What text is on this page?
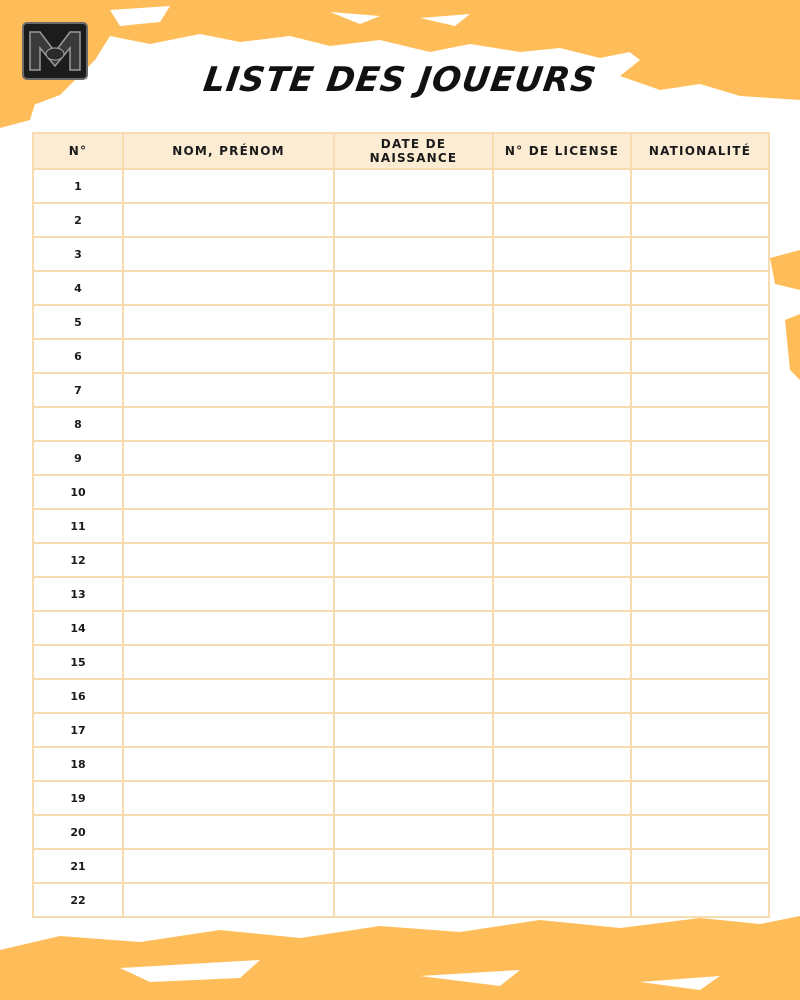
LISTE DES JOUEURS
N°	NOM, PRÉNOM	DATE DE NAISSANCE	N° DE LICENSE	NATIONALITÉ
1				
2				
3				
4				
5				
6				
7				
8				
9				
10				
11				
12				
13				
14				
15				
16				
17				
18				
19				
20				
21				
22				
